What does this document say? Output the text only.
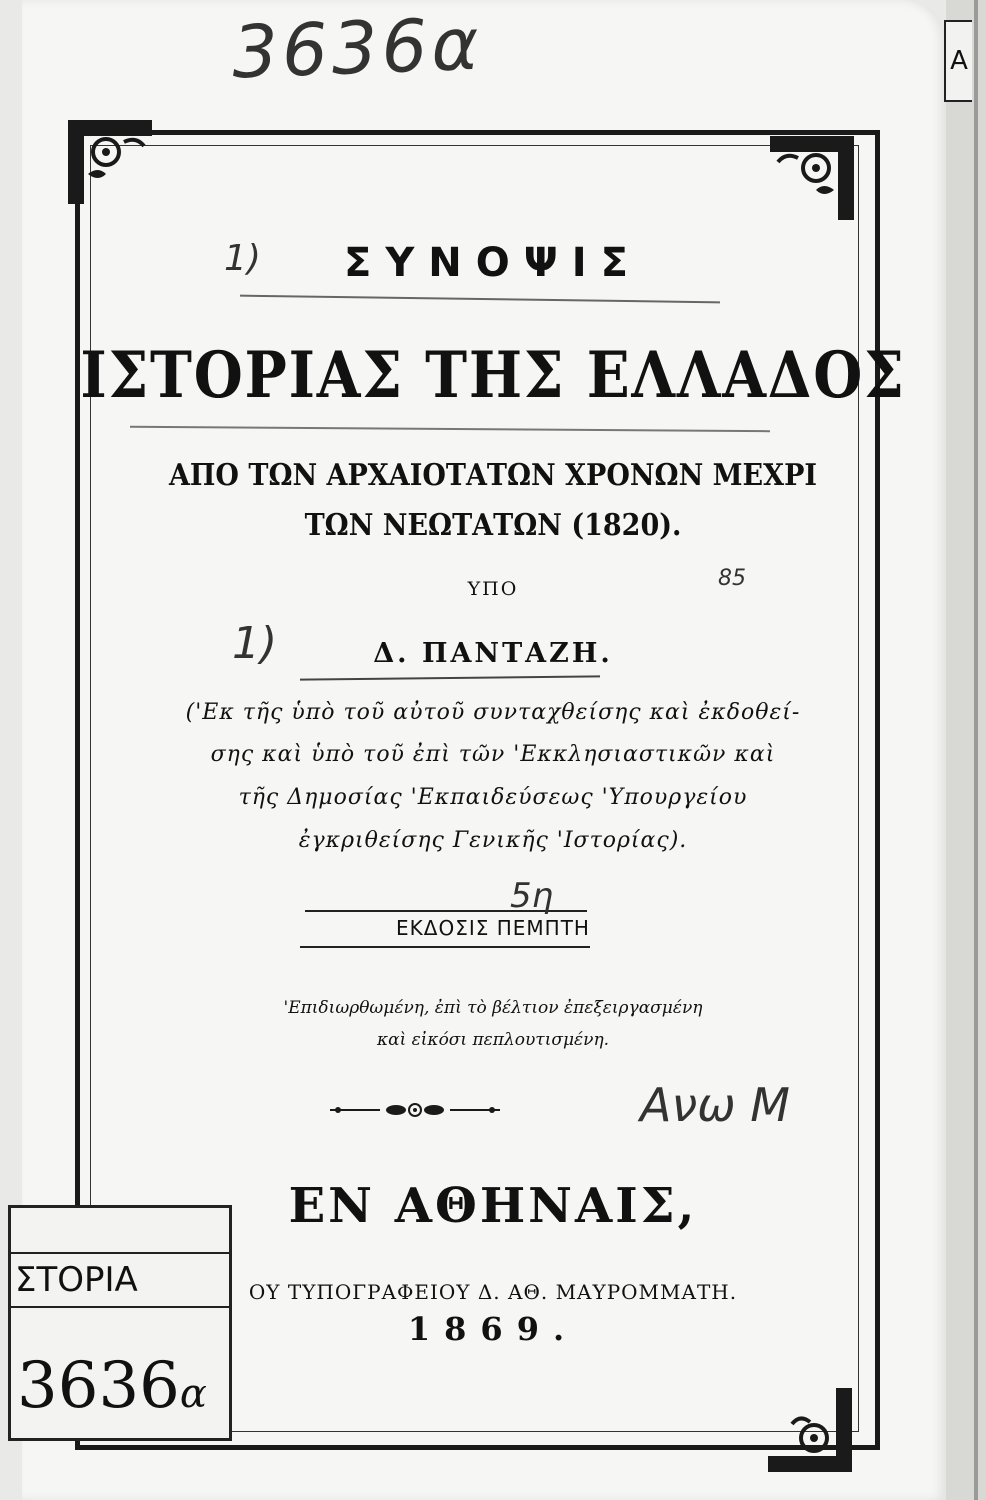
A
3636α
1)	ΣΥΝΟΨΙΣ
ΙΣΤΟΡΙΑΣ ΤΗΣ ΕΛΛΑΔΟΣ
ΑΠΟ ΤΩΝ ΑΡΧΑΙΟΤΑΤΩΝ ΧΡΟΝΩΝ ΜΕΧΡΙ
ΤΩΝ ΝΕΩΤΑΤΩΝ (1820).
85
ΥΠΟ
1)	Δ. ΠΑΝΤΑΖΗ.
('Εκ τῆς ὑπὸ τοῦ αὐτοῦ συνταχθείσης καὶ ἐκδοθεί-
σης καὶ ὑπὸ τοῦ ἐπὶ τῶν 'Εκκλησιαστικῶν καὶ
τῆς Δημοσίας 'Εκπαιδεύσεως 'Υπουργείου
ἐγκριθείσης Γενικῆς 'Ιστορίας).
5η
ΕΚΔΟΣΙΣ ΠΕΜΠΤΗ
'Επιδιωρθωμένη, ἐπὶ τὸ βέλτιον ἐπεξειργασμένη
καὶ εἰκόσι πεπλουτισμένη.
Ανω Μ
ΕΝ ΑΘΗΝΑΙΣ,
ΟΥ ΤΥΠΟΓΡΑΦΕΙΟΥ Δ. ΑΘ. ΜΑΥΡΟΜΜΑΤΗ.
1869.
ΣΤΟΡΙΑ
3636α
